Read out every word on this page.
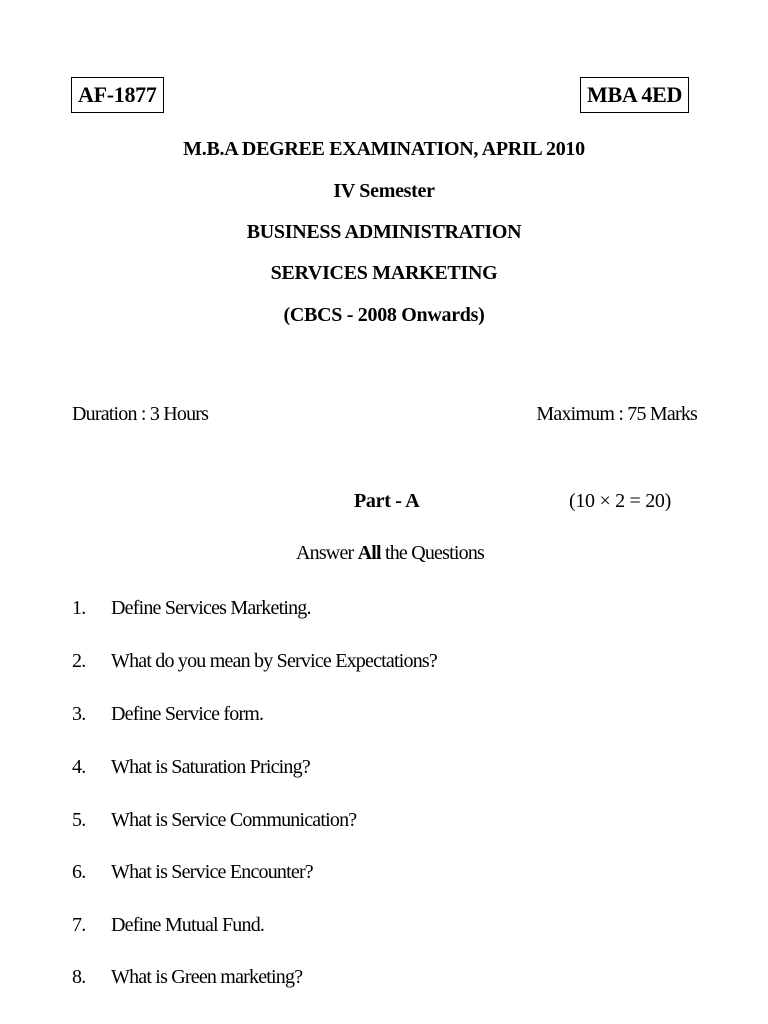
AF-1877	MBA 4ED
M.B.A DEGREE EXAMINATION, APRIL 2010
IV Semester
BUSINESS ADMINISTRATION
SERVICES MARKETING
(CBCS - 2008 Onwards)
Duration : 3 Hours	Maximum : 75 Marks
Part - A	(10 × 2 = 20)
Answer All the Questions
1. Define Services Marketing.
2. What do you mean by Service Expectations?
3. Define Service form.
4. What is Saturation Pricing?
5. What is Service Communication?
6. What is Service Encounter?
7. Define Mutual Fund.
8. What is Green marketing?
